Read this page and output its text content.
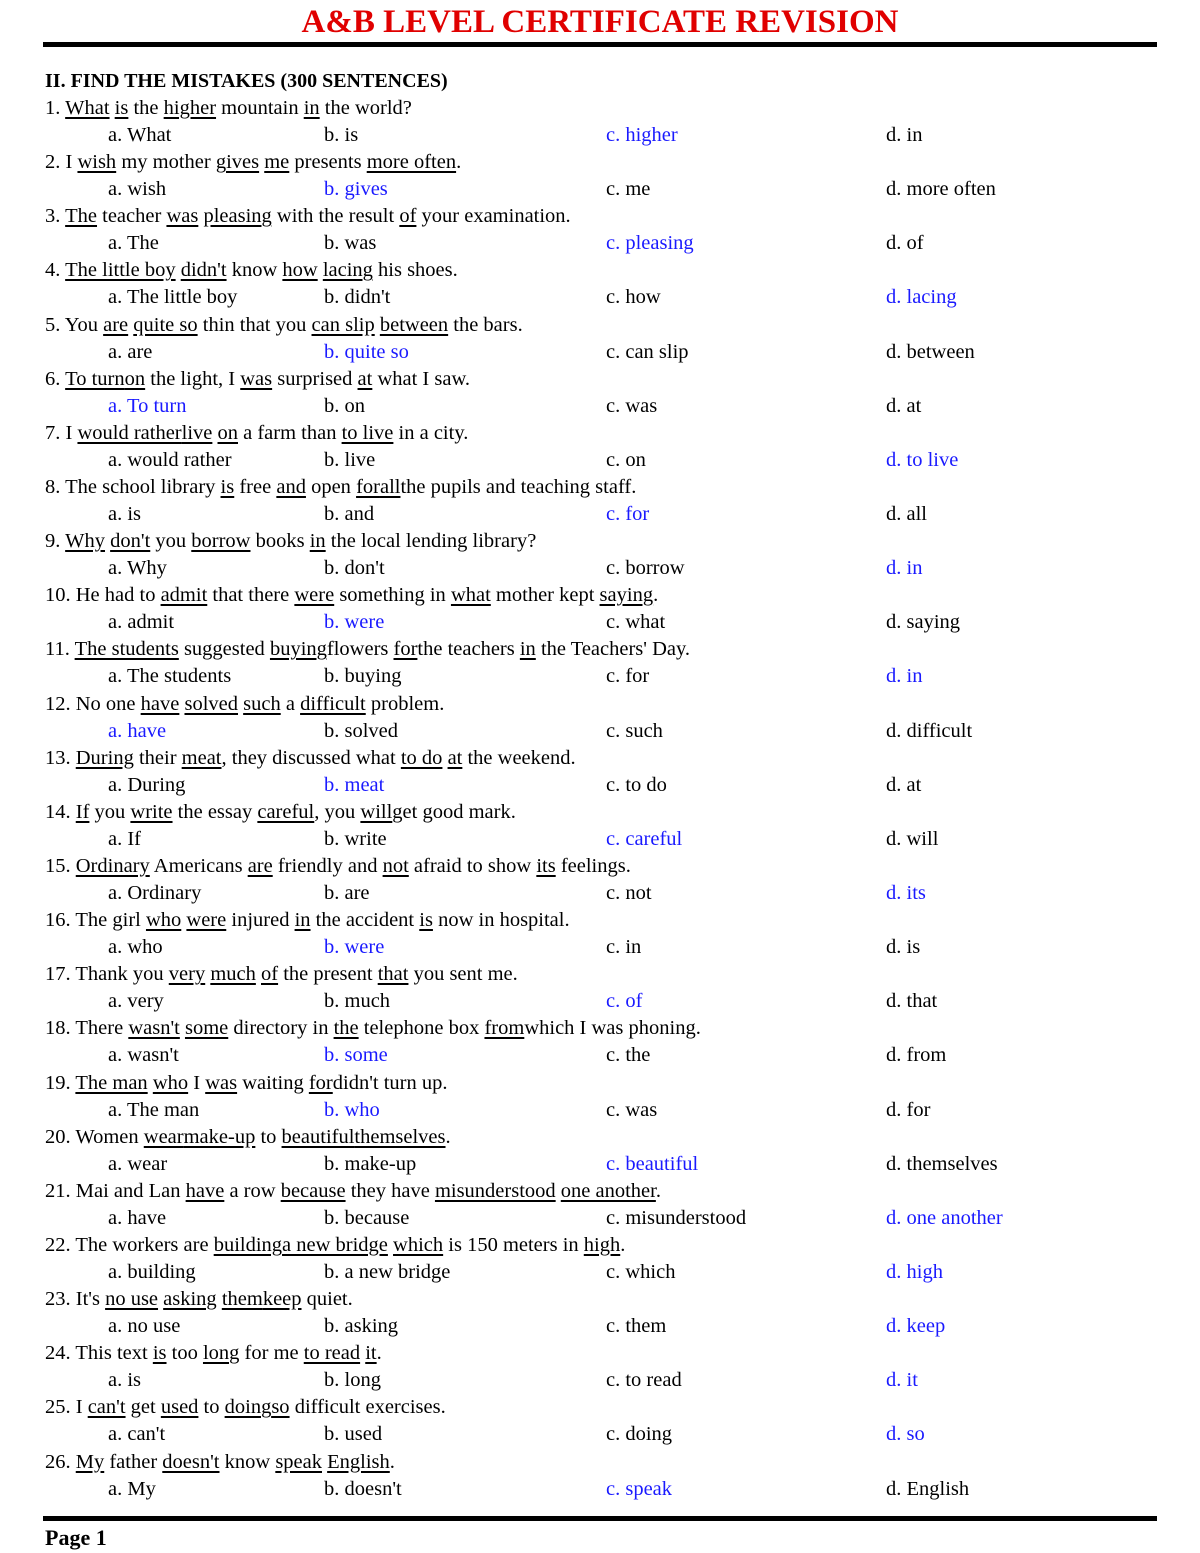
A&B LEVEL CERTIFICATE REVISION
II. FIND THE MISTAKES (300 SENTENCES)
1. What is the higher mountain in the world?
a. What	b. is	c. higher	d. in
2. I wish my mother gives me presents more often.
a. wish	b. gives	c. me	d. more often
3. The teacher was pleasing with the result of your examination.
a. The	b. was	c. pleasing	d. of
4. The little boy didn't know how lacing his shoes.
a. The little boy	b. didn't	c. how	d. lacing
5. You are quite so thin that you can slip between the bars.
a. are	b. quite so	c. can slip	d. between
6. To turnon the light, I was surprised at what I saw.
a. To turn	b. on	c. was	d. at
7. I would ratherlive on a farm than to live in a city.
a. would rather	b. live	c. on	d. to live
8. The school library is free and open forallthe pupils and teaching staff.
a. is	b. and	c. for	d. all
9. Why don't you borrow books in the local lending library?
a. Why	b. don't	c. borrow	d. in
10. He had to admit that there were something in what mother kept saying.
a. admit	b. were	c. what	d. saying
11. The students suggested buyingflowers forthe teachers in the Teachers' Day.
a. The students	b. buying	c. for	d. in
12. No one have solved such a difficult problem.
a. have	b. solved	c. such	d. difficult
13. During their meat, they discussed what to do at the weekend.
a. During	b. meat	c. to do	d. at
14. If you write the essay careful, you willget good mark.
a. If	b. write	c. careful	d. will
15. Ordinary Americans are friendly and not afraid to show its feelings.
a. Ordinary	b. are	c. not	d. its
16. The girl who were injured in the accident is now in hospital.
a. who	b. were	c. in	d. is
17. Thank you very much of the present that you sent me.
a. very	b. much	c. of	d. that
18. There wasn't some directory in the telephone box fromwhich I was phoning.
a. wasn't	b. some	c. the	d. from
19. The man who I was waiting fordidn't turn up.
a. The man	b. who	c. was	d. for
20. Women wearmake-up to beautifulthemselves.
a. wear	b. make-up	c. beautiful	d. themselves
21. Mai and Lan have a row because they have misunderstood one another.
a. have	b. because	c. misunderstood	d. one another
22. The workers are buildinga new bridge which is 150 meters in high.
a. building	b. a new bridge	c. which	d. high
23. It's no use asking themkeep quiet.
a. no use	b. asking	c. them	d. keep
24. This text is too long for me to read it.
a. is	b. long	c. to read	d. it
25. I can't get used to doingso difficult exercises.
a. can't	b. used	c. doing	d. so
26. My father doesn't know speak English.
a. My	b. doesn't	c. speak	d. English
Page 1
